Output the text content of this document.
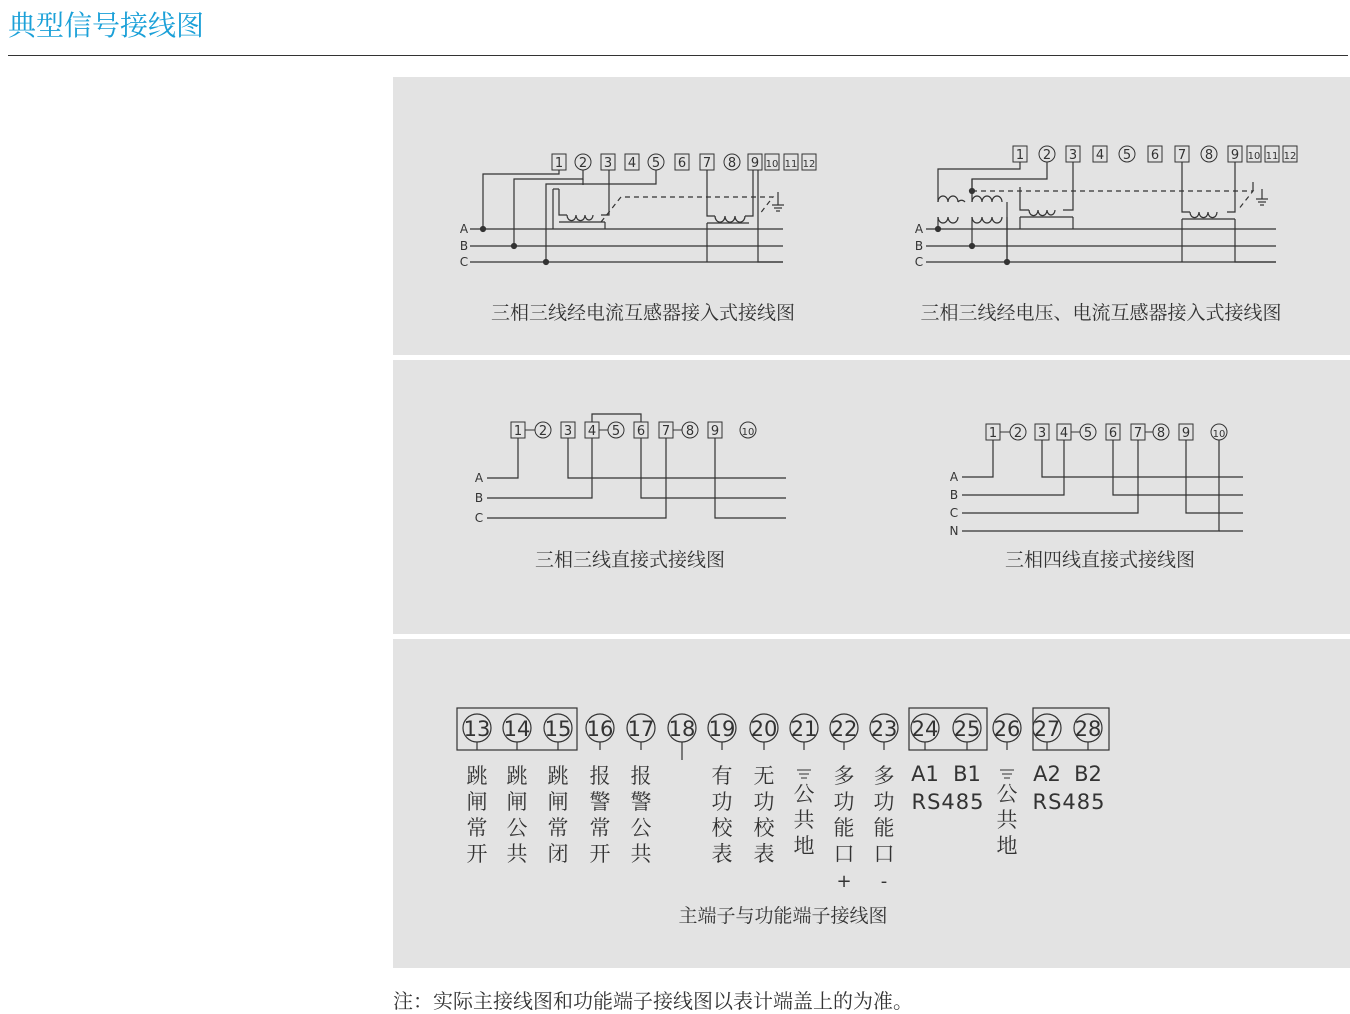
典型信号接线图
1 2 3 4 5 6 7 8 9 10 11 12
A
B
C
三相三线经电流互感器接入式接线图
1 2 3 4 5 6 7 8 9 10 11 12
A
B
C
三相三线经电压、电流互感器接入式接线图
1 2 3 4 5 6 7 8 9 10
A
B
C
三相三线直接式接线图
1 2 3 4 5 6 7 8 9 10
A
B
C
N
三相四线直接式接线图
13
跳
闸
常
开
14
跳
闸
公
共
15
跳
闸
常
闭
16
报
警
常
开
17
报
警
公
共
18 19
有
功
校
表
20
无
功
校
表
21
公
共
地
22
多
功
能
口
+
23
多
功
能
口
-
24
A1
25
B1
26
公
共
地
27
A2
28
B2
RS485 RS485
主端子与功能端子接线图
注：实际主接线图和功能端子接线图以表计端盖上的为准。
